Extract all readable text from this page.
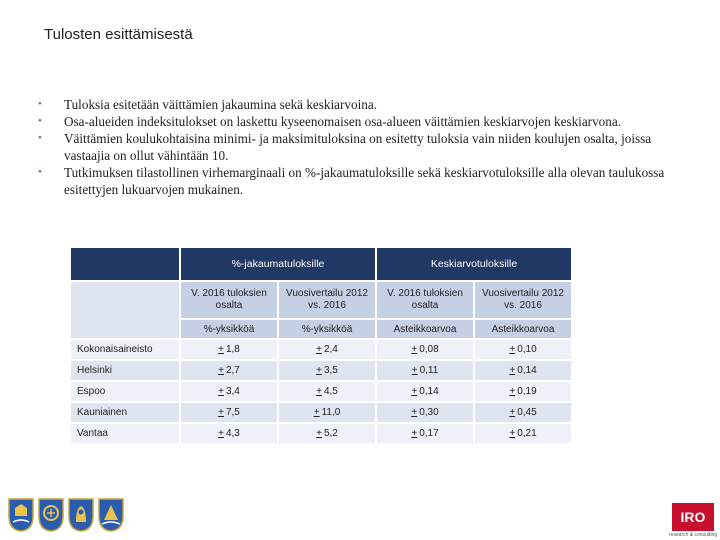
Tulosten esittämisestä
• Tuloksia esitetään väittämien jakaumina sekä keskiarvoina.
• Osa-alueiden indeksitulokset on laskettu kyseenomaisen osa-alueen väittämien keskiarvojen keskiarvona.
• Väittämien koulukohtaisina minimi- ja maksimituloksina on esitetty tuloksia vain niiden koulujen osalta, joissa vastaajia on ollut vähintään 10.
• Tutkimuksen tilastollinen virhemarginaali on %-jakaumatuloksille sekä keskiarvotuloksille alla olevan taulukossa esitettyjen lukuarvojen mukainen.
	%-jakaumatuloksille		Keskiarvotuloksille	
	V. 2016 tuloksien osalta	Vuosivertailu 2012 vs. 2016	V. 2016 tuloksien osalta	Vuosivertailu 2012 vs. 2016
	%-yksikköä	%-yksikköä	Asteikkoarvoa	Asteikkoarvoa
Kokonaisaineisto	+  1,8	+  2,4	+  0,08	+  0,10
Helsinki	+  2,7	+  3,5	+  0,11	+  0,14
Espoo	+  3,4	+  4,5	+  0,14	+  0,19
Kauniainen	+  7,5	+  11,0	+  0,30	+  0,45
Vantaa	+  4,3	+  5,2	+  0,17	+  0,21
IRO
research & consulting
